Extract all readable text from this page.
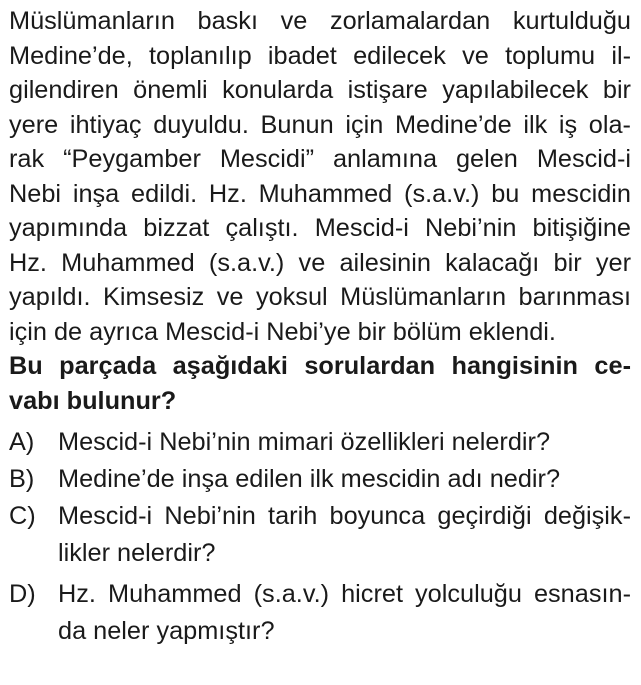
Müslümanların baskı ve zorlamalardan kurtulduğu
Medine’de, toplanılıp ibadet edilecek ve toplumu il-
gilendiren önemli konularda istişare yapılabilecek bir
yere ihtiyaç duyuldu. Bunun için Medine’de ilk iş ola-
rak “Peygamber Mescidi” anlamına gelen Mescid-i
Nebi inşa edildi. Hz. Muhammed (s.a.v.) bu mescidin
yapımında bizzat çalıştı. Mescid-i Nebi’nin bitişiğine
Hz. Muhammed (s.a.v.) ve ailesinin kalacağı bir yer
yapıldı. Kimsesiz ve yoksul Müslümanların barınması
için de ayrıca Mescid-i Nebi’ye bir bölüm eklendi.
Bu parçada aşağıdaki sorulardan hangisinin ce-
vabı bulunur?
A) Mescid-i Nebi’nin mimari özellikleri nelerdir?
B) Medine’de inşa edilen ilk mescidin adı nedir?
C) Mescid-i Nebi’nin tarih boyunca geçirdiği değişik-
likler nelerdir?
D) Hz. Muhammed (s.a.v.) hicret yolculuğu esnasın-
da neler yapmıştır?
